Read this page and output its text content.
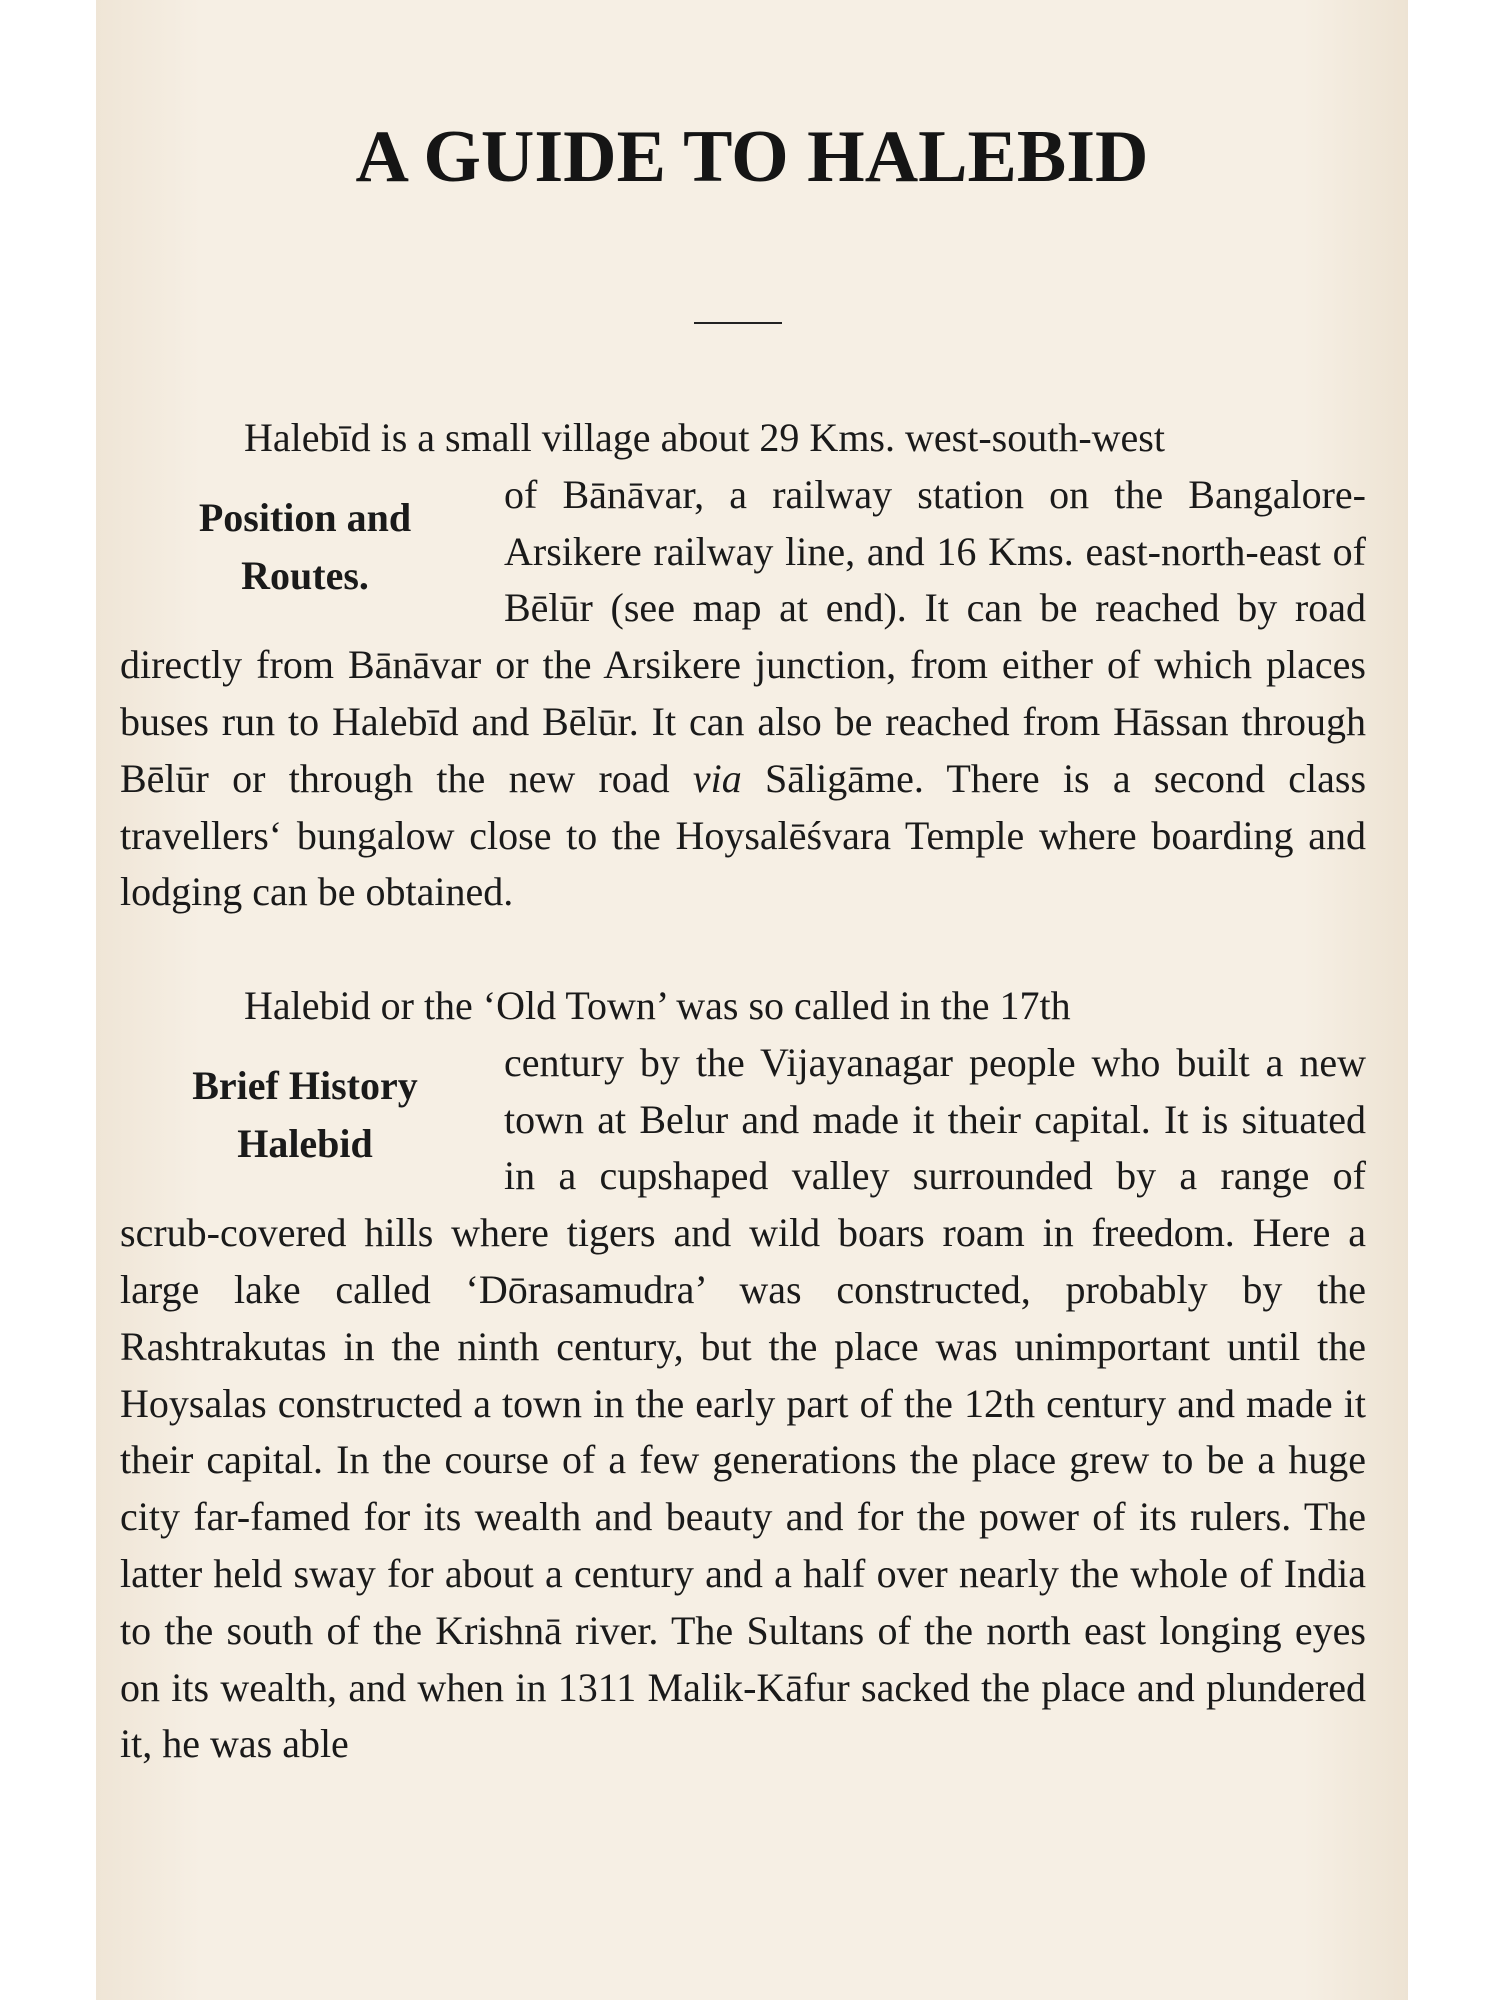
A GUIDE TO HALEBID

Halebīd is a small village about 29 Kms. west-south-west

Position and
Routes.
of Bānāvar, a railway station on the Bangalore-Arsikere railway line, and 16 Kms. east-north-east of Bēlūr (see map at end). It can be reached by road directly from Bānāvar or the Arsikere junction, from either of which places buses run to Halebīd and Bēlūr. It can also be reached from Hāssan through Bēlūr or through the new road via Sāligāme. There is a second class travellers‘ bungalow close to the Hoysalēśvara Temple where boarding and lodging can be obtained.

Halebid or the ‘Old Town’ was so called in the 17th

Brief History
Halebid
century by the Vijayanagar people who built a new town at Belur and made it their capital. It is situated in a cupshaped valley surrounded by a range of scrub-covered hills where tigers and wild boars roam in freedom. Here a large lake called ‘Dōrasamudra’ was constructed, probably by the Rashtrakutas in the ninth century, but the place was unimportant until the Hoysalas constructed a town in the early part of the 12th century and made it their capital. In the course of a few generations the place grew to be a huge city far-famed for its wealth and beauty and for the power of its rulers. The latter held sway for about a century and a half over nearly the whole of India to the south of the Krishnā river. The Sultans of the north east longing eyes on its wealth, and when in 1311 Malik-Kāfur sacked the place and plundered it, he was able
